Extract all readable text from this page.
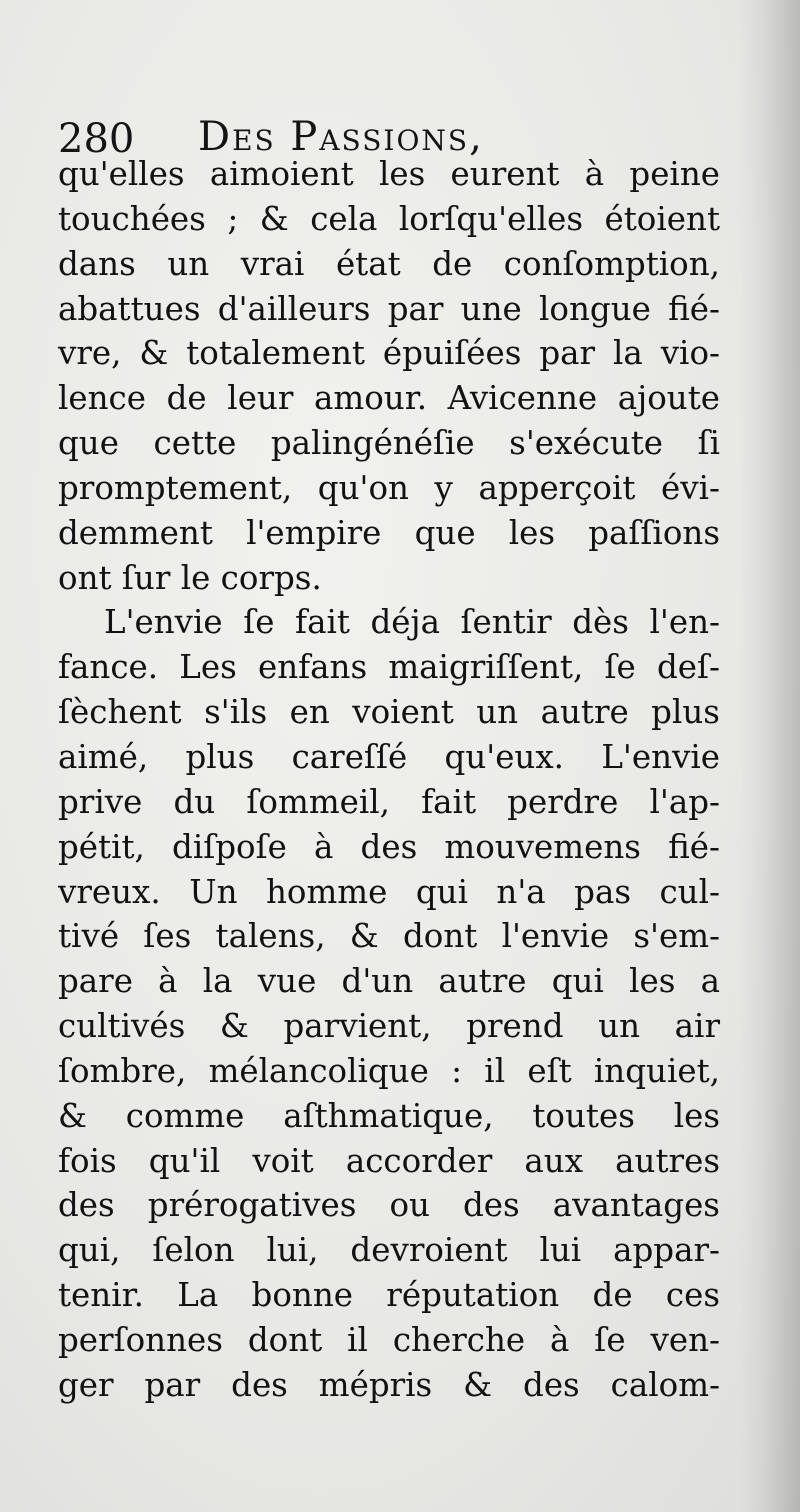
280 Des Passions,
qu'elles aimoient les eurent à peine
touchées ; & cela lorſqu'elles étoient
dans un vrai état de conſomption,
abattues d'ailleurs par une longue fié-
vre, & totalement épuiſées par la vio-
lence de leur amour. Avicenne ajoute
que cette palingénéſie s'exécute ſi
promptement, qu'on y apperçoit évi-
demment l'empire que les paſſions
ont ſur le corps.
L'envie ſe fait déja ſentir dès l'en-
fance. Les enfans maigriſſent, ſe deſ-
ſèchent s'ils en voient un autre plus
aimé, plus careſſé qu'eux. L'envie
prive du ſommeil, fait perdre l'ap-
pétit, diſpoſe à des mouvemens fié-
vreux. Un homme qui n'a pas cul-
tivé ſes talens, & dont l'envie s'em-
pare à la vue d'un autre qui les a
cultivés & parvient, prend un air
ſombre, mélancolique : il eſt inquiet,
& comme aſthmatique, toutes les
fois qu'il voit accorder aux autres
des prérogatives ou des avantages
qui, ſelon lui, devroient lui appar-
tenir. La bonne réputation de ces
perſonnes dont il cherche à ſe ven-
ger par des mépris & des calom-
